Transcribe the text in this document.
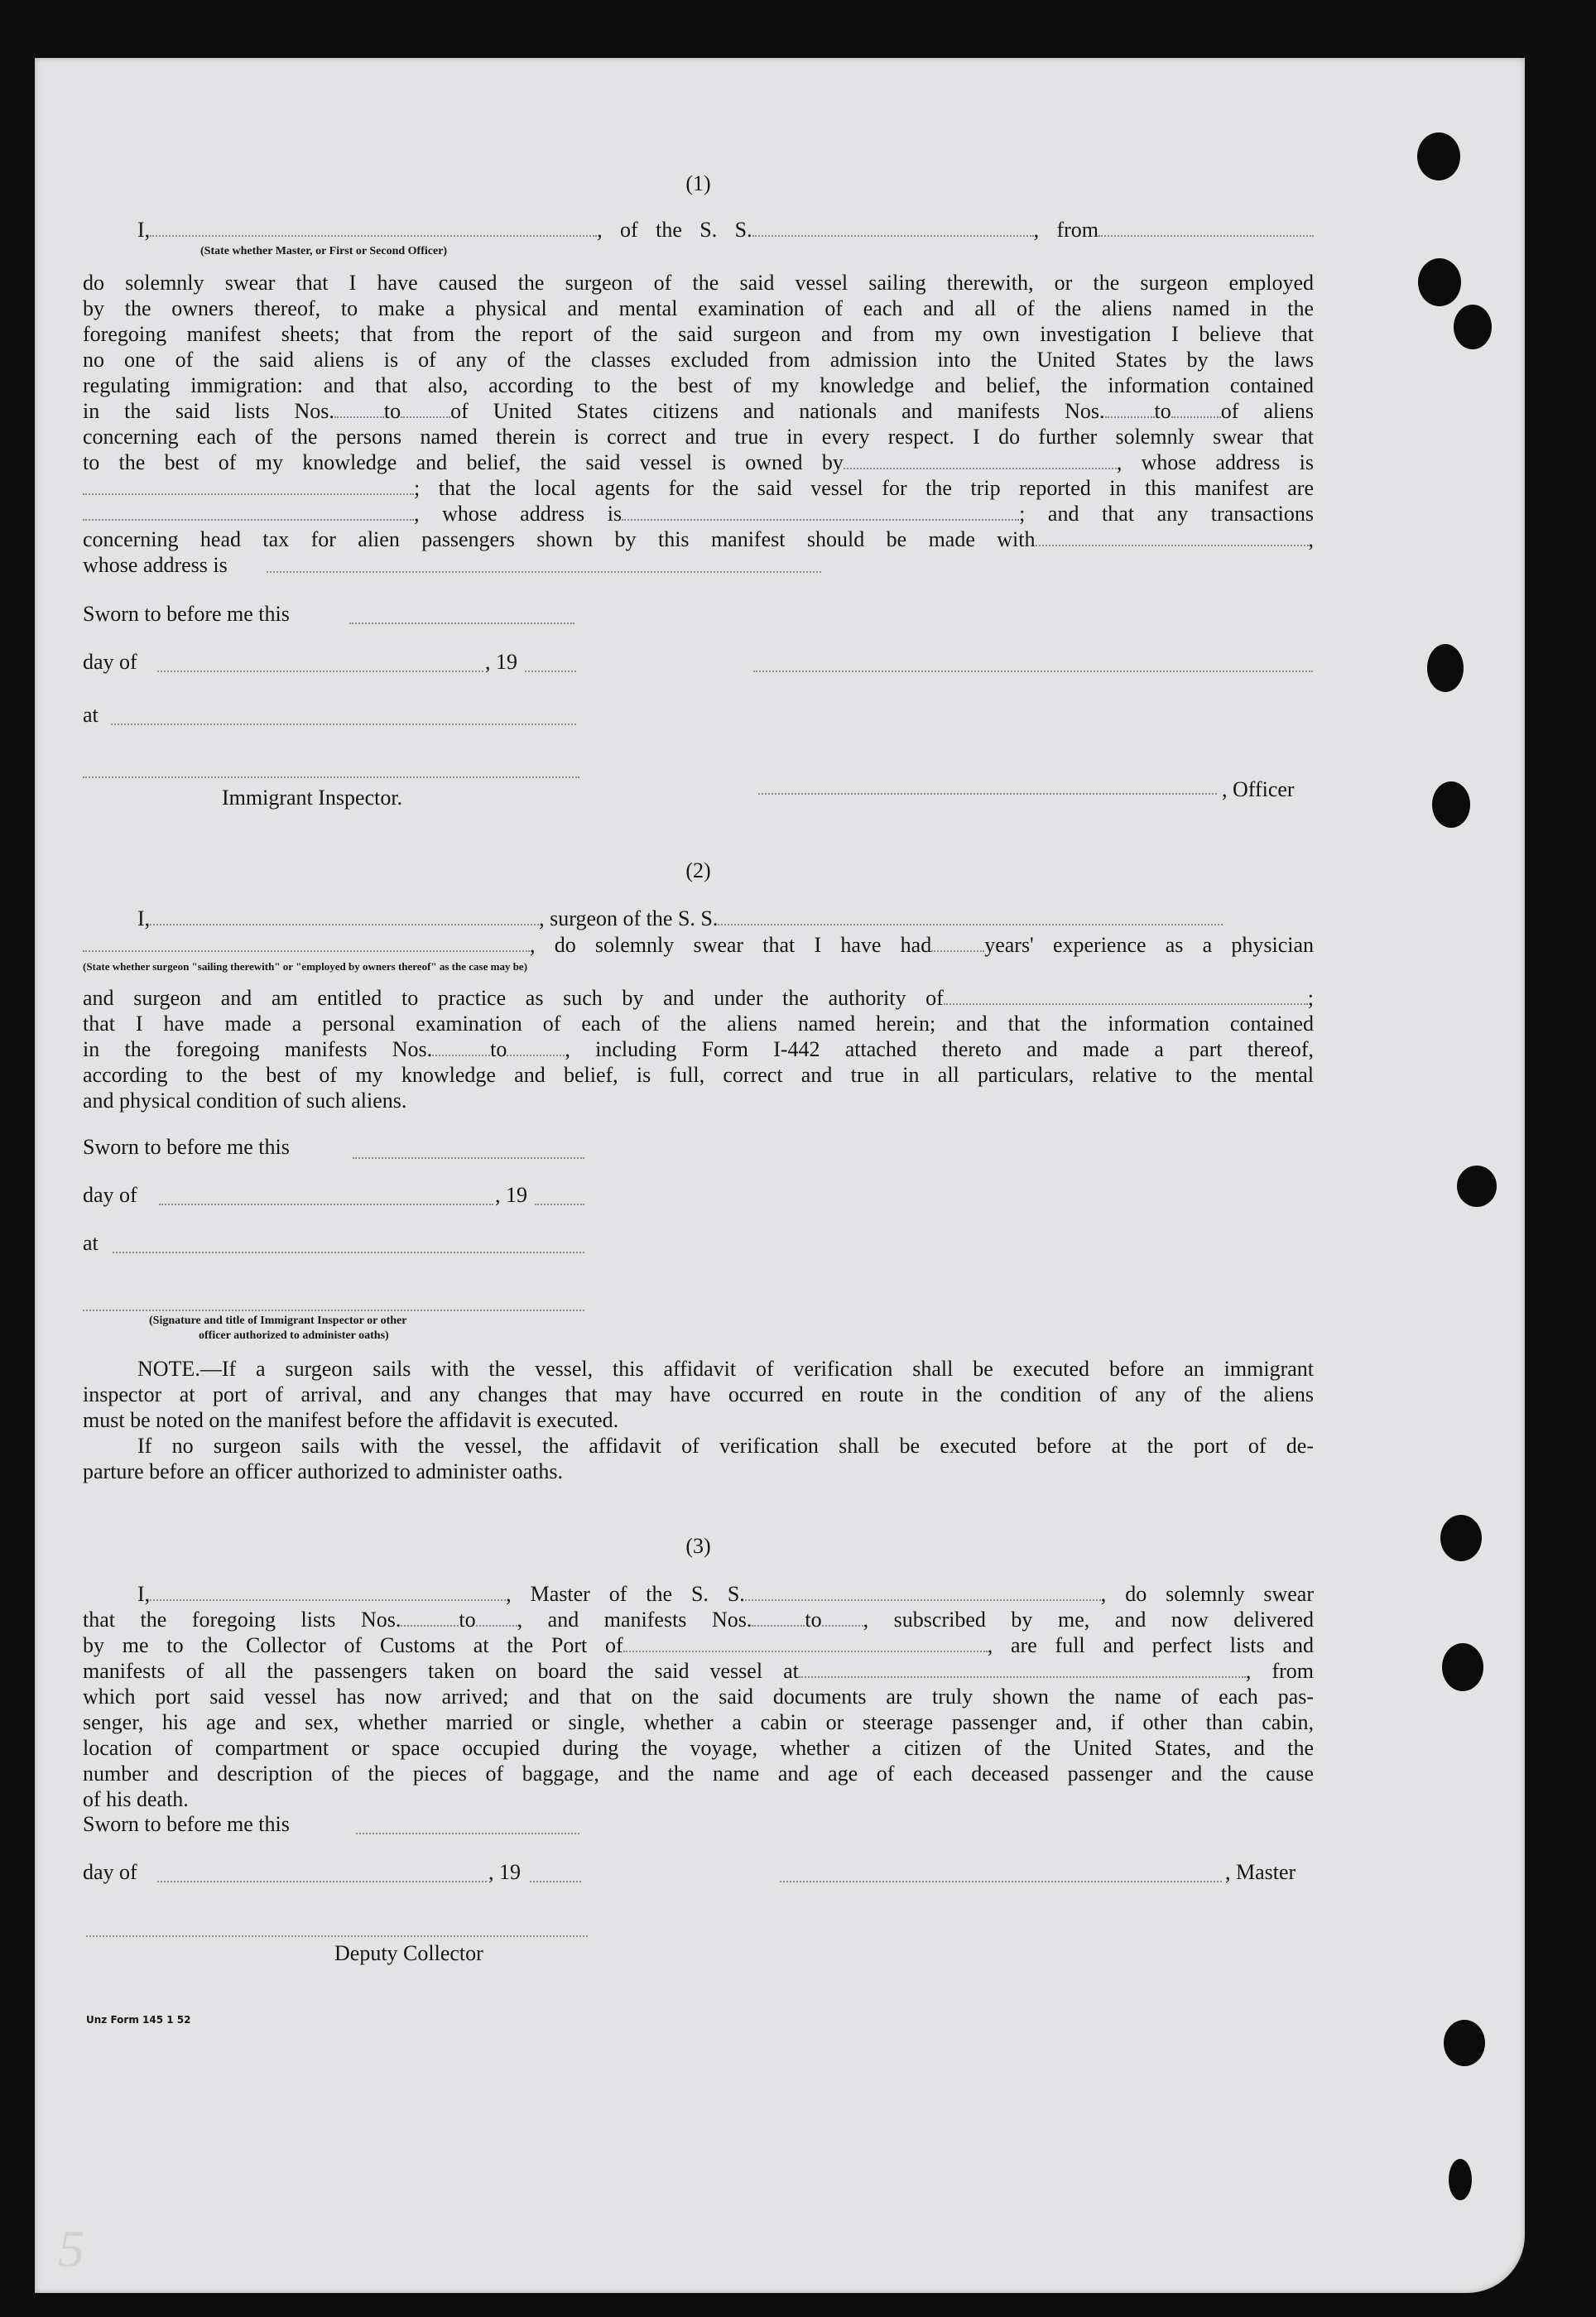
(1)
I,	, of the S. S.	, from
(State whether Master, or First or Second Officer)
do solemnly swear that I have caused the surgeon of the said vessel sailing therewith, or the surgeon employed
by the owners thereof, to make a physical and mental examination of each and all of the aliens named in the
foregoing manifest sheets; that from the report of the said surgeon and from my own investigation I believe that
no one of the said aliens is of any of the classes excluded from admission into the United States by the laws
regulating immigration: and that also, according to the best of my knowledge and belief, the information contained
in the said lists Nos. to of United States citizens and nationals and manifests Nos. to of aliens
concerning each of the persons named therein is correct and true in every respect. I do further solemnly swear that
to the best of my knowledge and belief, the said vessel is owned by	, whose address is
; that the local agents for the said vessel for the trip reported in this manifest are
, whose address is	; and that any transactions
concerning head tax for alien passengers shown by this manifest should be made with	,
whose address is
Sworn to before me this
day of	, 19
at
Immigrant Inspector.	, Officer
(2)
I,	, surgeon of the S. S.
, do solemnly swear that I have had years' experience as a physician
(State whether surgeon "sailing therewith" or "employed by owners thereof" as the case may be)
and surgeon and am entitled to practice as such by and under the authority of	;
that I have made a personal examination of each of the aliens named herein; and that the information contained
in the foregoing manifests Nos.	to	, including Form I-442 attached thereto and made a part thereof,
according to the best of my knowledge and belief, is full, correct and true in all particulars, relative to the mental
and physical condition of such aliens.
Sworn to before me this
day of	, 19
at
(Signature and title of Immigrant Inspector or other
officer authorized to administer oaths)
NOTE.—If a surgeon sails with the vessel, this affidavit of verification shall be executed before an immigrant
inspector at port of arrival, and any changes that may have occurred en route in the condition of any of the aliens
must be noted on the manifest before the affidavit is executed.
If no surgeon sails with the vessel, the affidavit of verification shall be executed before at the port of de-
parture before an officer authorized to administer oaths.
(3)
I,	, Master of the S. S.	, do solemnly swear
that the foregoing lists Nos.	to , and manifests Nos. to , subscribed by me, and now delivered
by me to the Collector of Customs at the Port of	, are full and perfect lists and
manifests of all the passengers taken on board the said vessel at	, from
which port said vessel has now arrived; and that on the said documents are truly shown the name of each pas-
senger, his age and sex, whether married or single, whether a cabin or steerage passenger and, if other than cabin,
location of compartment or space occupied during the voyage, whether a citizen of the United States, and the
number and description of the pieces of baggage, and the name and age of each deceased passenger and the cause
of his death.
Sworn to before me this
day of	, 19	, Master
Deputy Collector
Unz Form 145 1 52
5
